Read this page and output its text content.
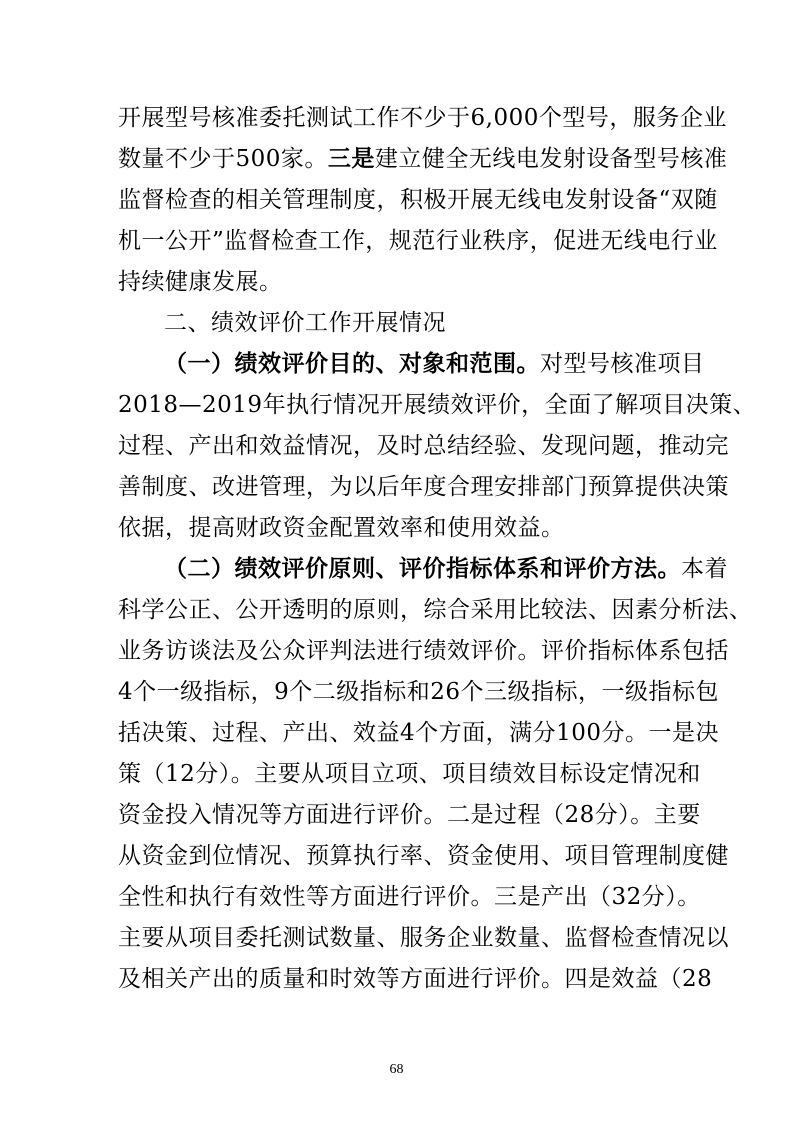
开展型号核准委托测试工作不少于6,000个型号，服务企业
数量不少于500家。三是建立健全无线电发射设备型号核准
监督检查的相关管理制度，积极开展无线电发射设备“双随
机一公开”监督检查工作，规范行业秩序，促进无线电行业
持续健康发展。
二、绩效评价工作开展情况
（一）绩效评价目的、对象和范围。对型号核准项目
2018—2019年执行情况开展绩效评价，全面了解项目决策、
过程、产出和效益情况，及时总结经验、发现问题，推动完
善制度、改进管理，为以后年度合理安排部门预算提供决策
依据，提高财政资金配置效率和使用效益。
（二）绩效评价原则、评价指标体系和评价方法。本着
科学公正、公开透明的原则，综合采用比较法、因素分析法、
业务访谈法及公众评判法进行绩效评价。评价指标体系包括
4个一级指标，9个二级指标和26个三级指标，一级指标包
括决策、过程、产出、效益4个方面，满分100分。一是决
策（12分）。主要从项目立项、项目绩效目标设定情况和
资金投入情况等方面进行评价。二是过程（28分）。主要
从资金到位情况、预算执行率、资金使用、项目管理制度健
全性和执行有效性等方面进行评价。三是产出（32分）。
主要从项目委托测试数量、服务企业数量、监督检查情况以
及相关产出的质量和时效等方面进行评价。四是效益（28
68
